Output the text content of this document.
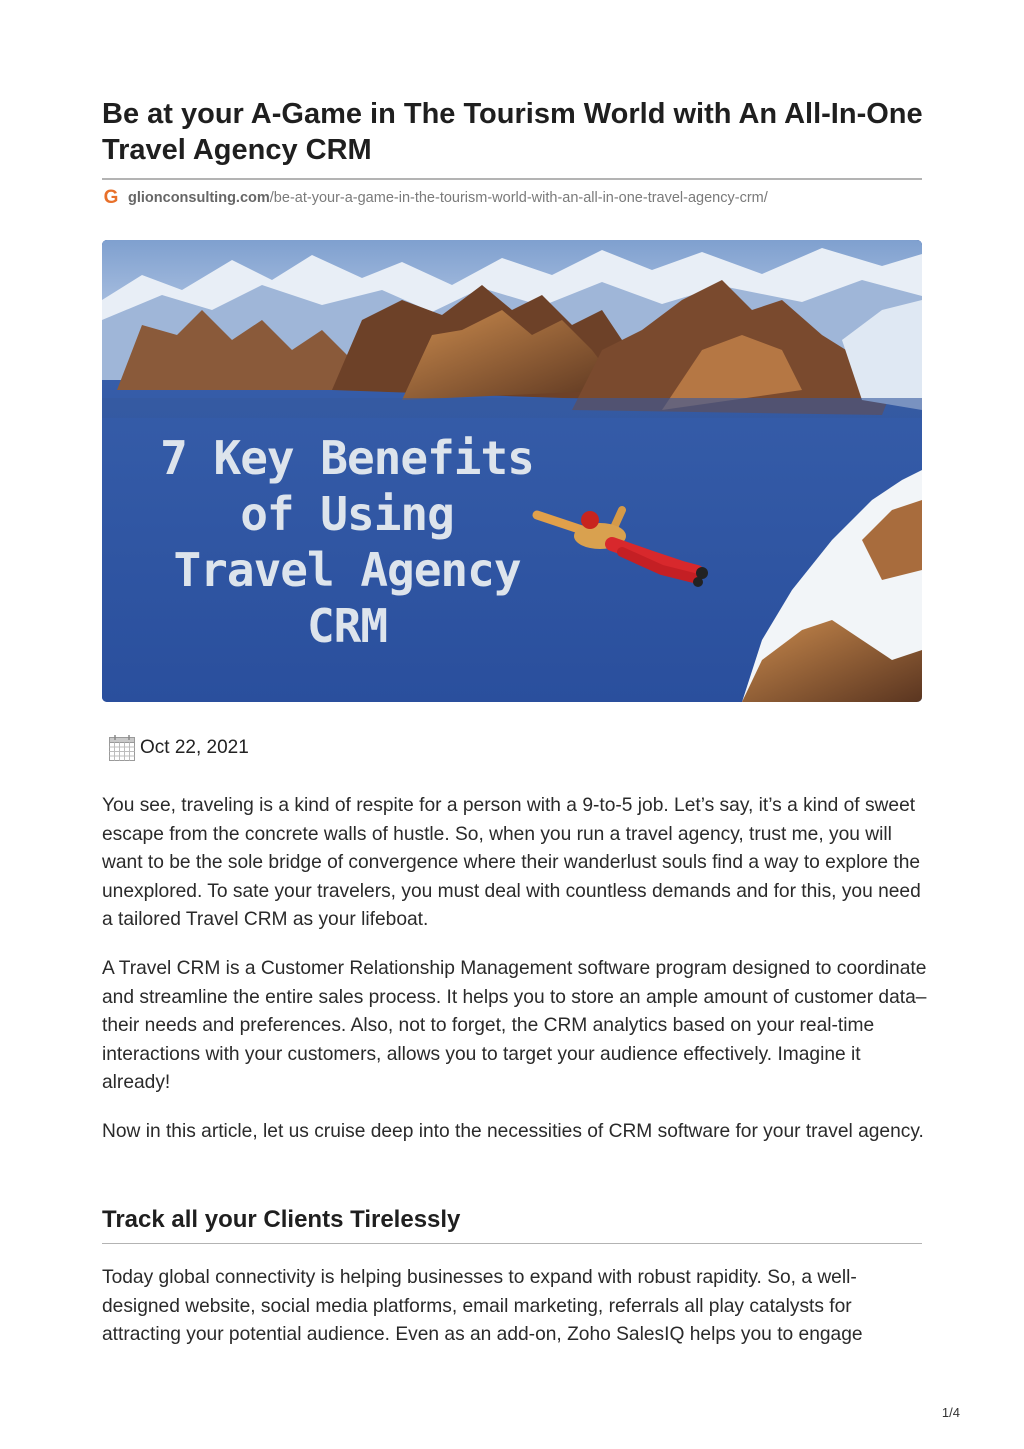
Be at your A-Game in The Tourism World with An All-In-One Travel Agency CRM
G glionconsulting.com/be-at-your-a-game-in-the-tourism-world-with-an-all-in-one-travel-agency-crm/
7 Key Benefits
of Using
Travel Agency
CRM
Oct 22, 2021

You see, traveling is a kind of respite for a person with a 9-to-5 job. Let’s say, it’s a kind of sweet escape from the concrete walls of hustle. So, when you run a travel agency, trust me, you will want to be the sole bridge of convergence where their wanderlust souls find a way to explore the unexplored. To sate your travelers, you must deal with countless demands and for this, you need a tailored Travel CRM as your lifeboat.

A Travel CRM is a Customer Relationship Management software program designed to coordinate and streamline the entire sales process. It helps you to store an ample amount of customer data– their needs and preferences. Also, not to forget, the CRM analytics based on your real-time interactions with your customers, allows you to target your audience effectively. Imagine it already!

Now in this article, let us cruise deep into the necessities of CRM software for your travel agency.

Track all your Clients Tirelessly

Today global connectivity is helping businesses to expand with robust rapidity. So, a well-designed website, social media platforms, email marketing, referrals all play catalysts for attracting your potential audience. Even as an add-on, Zoho SalesIQ helps you to engage

1/4
